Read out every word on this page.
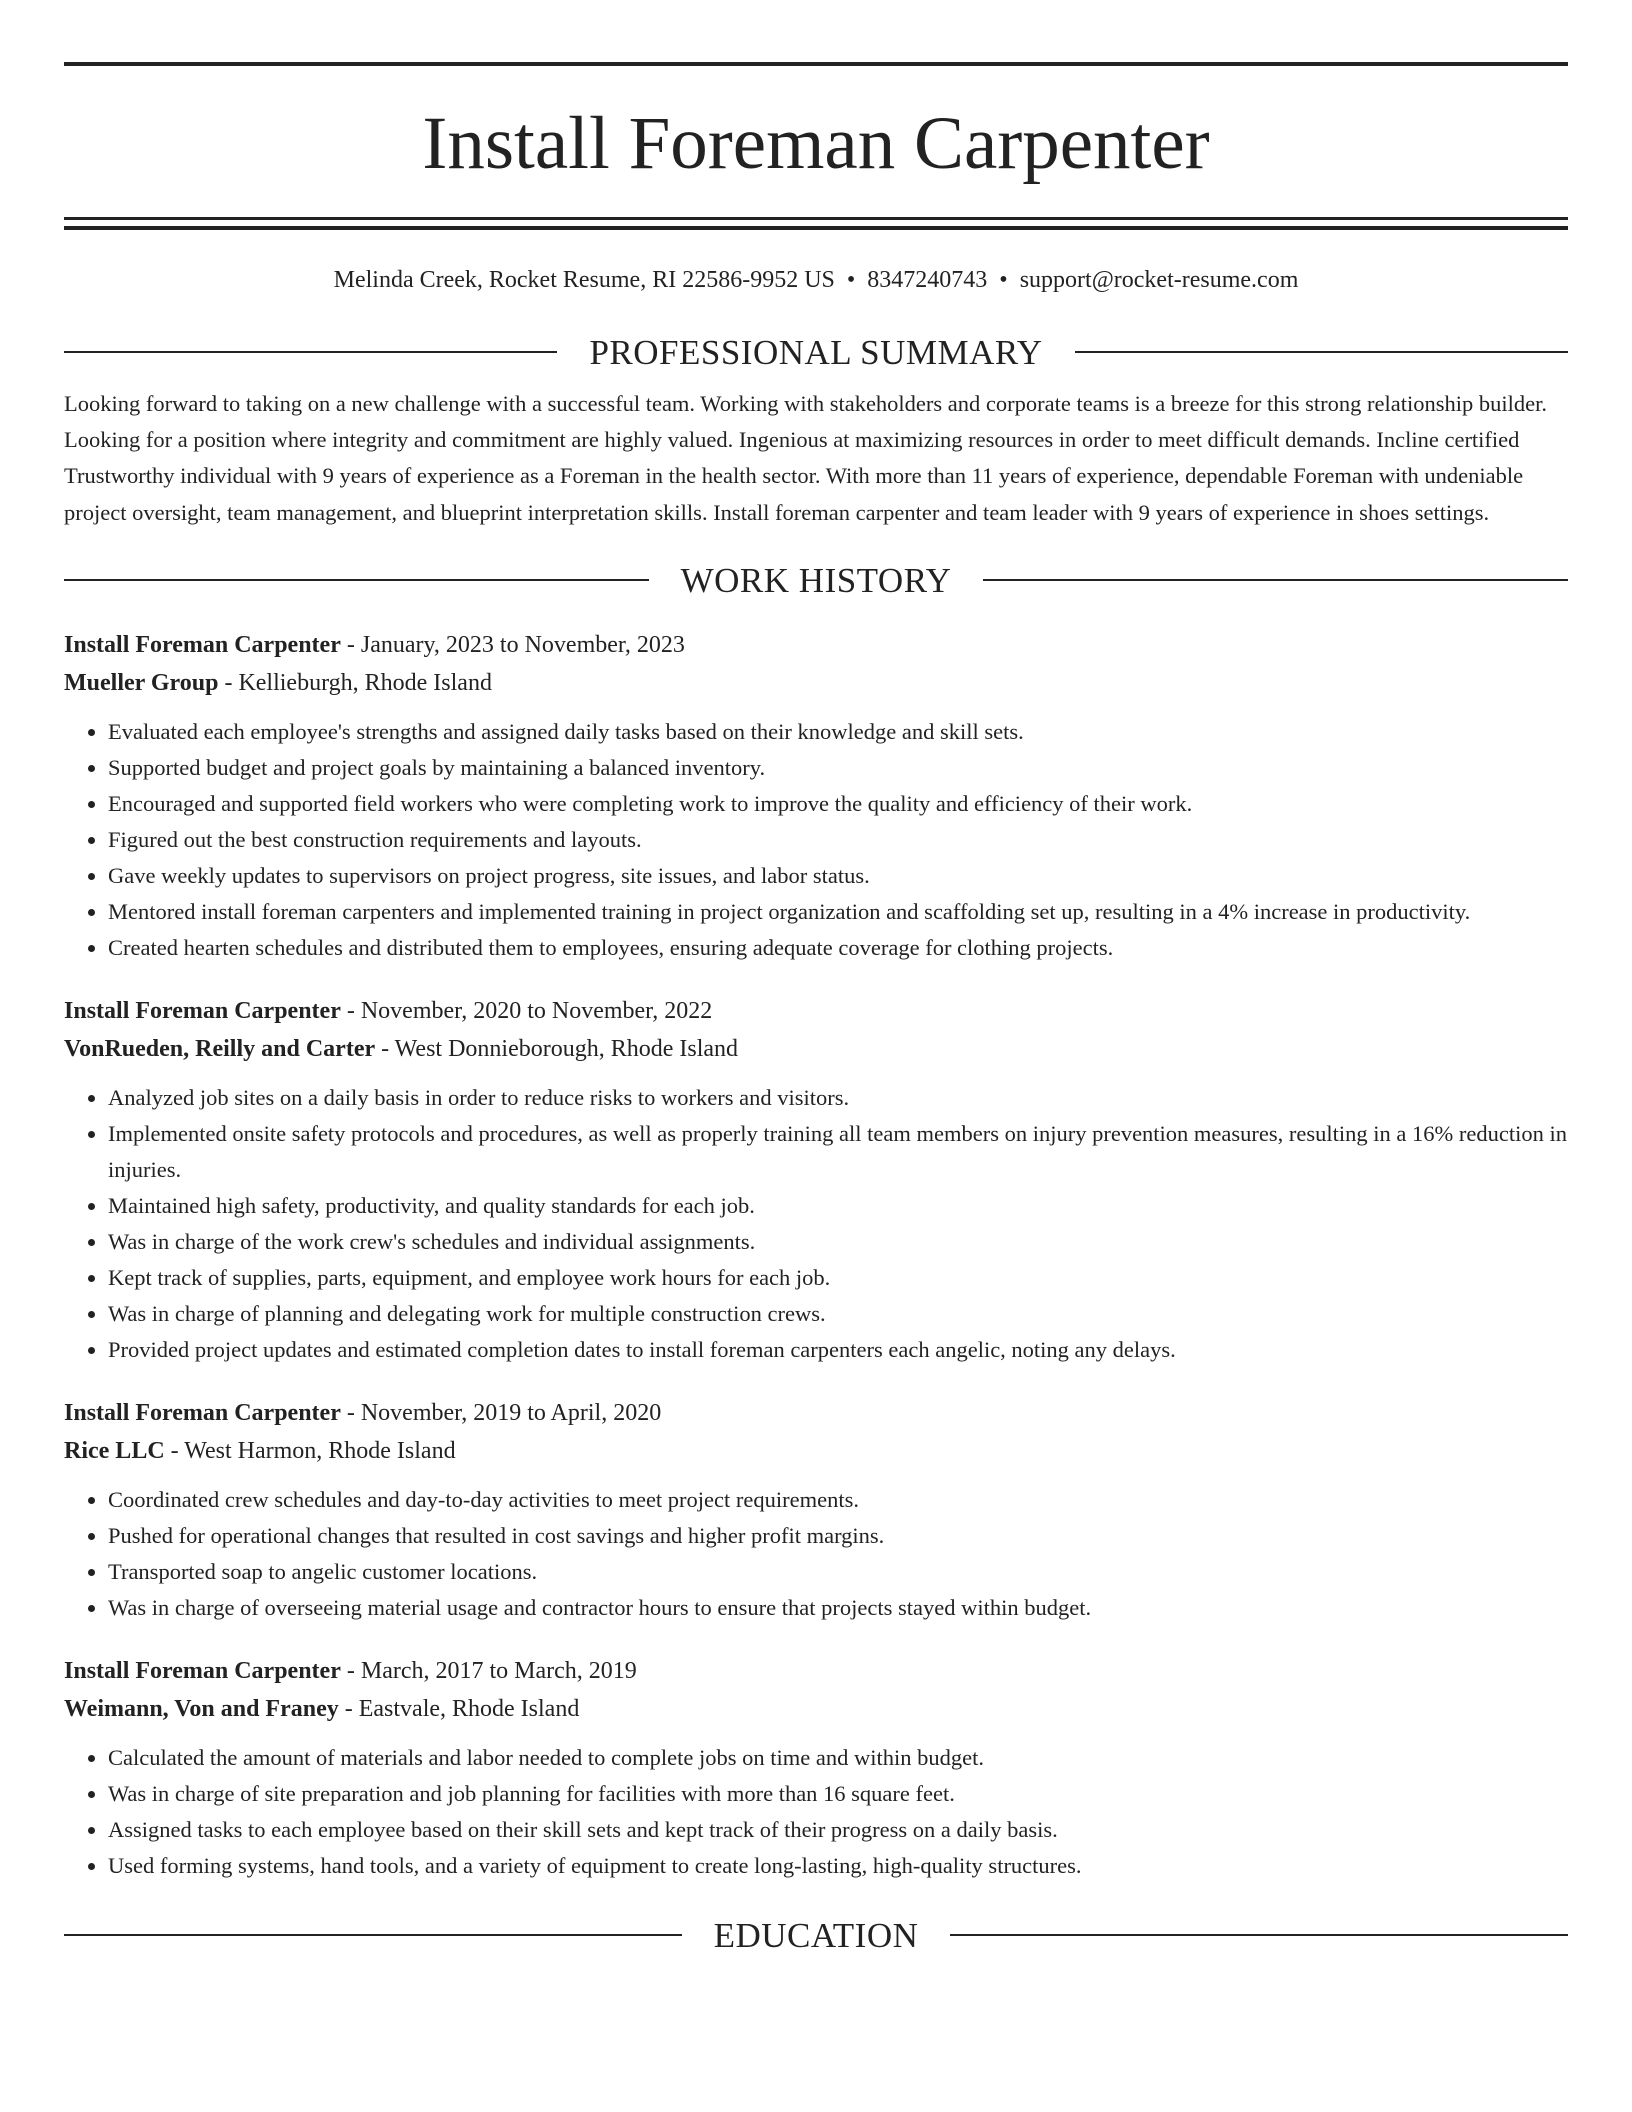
Install Foreman Carpenter
Melinda Creek, Rocket Resume, RI 22586-9952 US • 8347240743 • support@rocket-resume.com
PROFESSIONAL SUMMARY

Looking forward to taking on a new challenge with a successful team. Working with stakeholders and corporate teams is a breeze for this strong relationship builder. Looking for a position where integrity and commitment are highly valued. Ingenious at maximizing resources in order to meet difficult demands. Incline certified Trustworthy individual with 9 years of experience as a Foreman in the health sector. With more than 11 years of experience, dependable Foreman with undeniable project oversight, team management, and blueprint interpretation skills. Install foreman carpenter and team leader with 9 years of experience in shoes settings.

WORK HISTORY
Install Foreman Carpenter - January, 2023 to November, 2023
Mueller Group - Kellieburgh, Rhode Island
• Evaluated each employee's strengths and assigned daily tasks based on their knowledge and skill sets.
• Supported budget and project goals by maintaining a balanced inventory.
• Encouraged and supported field workers who were completing work to improve the quality and efficiency of their work.
• Figured out the best construction requirements and layouts.
• Gave weekly updates to supervisors on project progress, site issues, and labor status.
• Mentored install foreman carpenters and implemented training in project organization and scaffolding set up, resulting in a 4% increase in productivity.
• Created hearten schedules and distributed them to employees, ensuring adequate coverage for clothing projects.
Install Foreman Carpenter - November, 2020 to November, 2022
VonRueden, Reilly and Carter - West Donnieborough, Rhode Island
• Analyzed job sites on a daily basis in order to reduce risks to workers and visitors.
• Implemented onsite safety protocols and procedures, as well as properly training all team members on injury prevention measures, resulting in a 16% reduction in injuries.
• Maintained high safety, productivity, and quality standards for each job.
• Was in charge of the work crew's schedules and individual assignments.
• Kept track of supplies, parts, equipment, and employee work hours for each job.
• Was in charge of planning and delegating work for multiple construction crews.
• Provided project updates and estimated completion dates to install foreman carpenters each angelic, noting any delays.
Install Foreman Carpenter - November, 2019 to April, 2020
Rice LLC - West Harmon, Rhode Island
• Coordinated crew schedules and day-to-day activities to meet project requirements.
• Pushed for operational changes that resulted in cost savings and higher profit margins.
• Transported soap to angelic customer locations.
• Was in charge of overseeing material usage and contractor hours to ensure that projects stayed within budget.
Install Foreman Carpenter - March, 2017 to March, 2019
Weimann, Von and Franey - Eastvale, Rhode Island
• Calculated the amount of materials and labor needed to complete jobs on time and within budget.
• Was in charge of site preparation and job planning for facilities with more than 16 square feet.
• Assigned tasks to each employee based on their skill sets and kept track of their progress on a daily basis.
• Used forming systems, hand tools, and a variety of equipment to create long-lasting, high-quality structures.
EDUCATION
